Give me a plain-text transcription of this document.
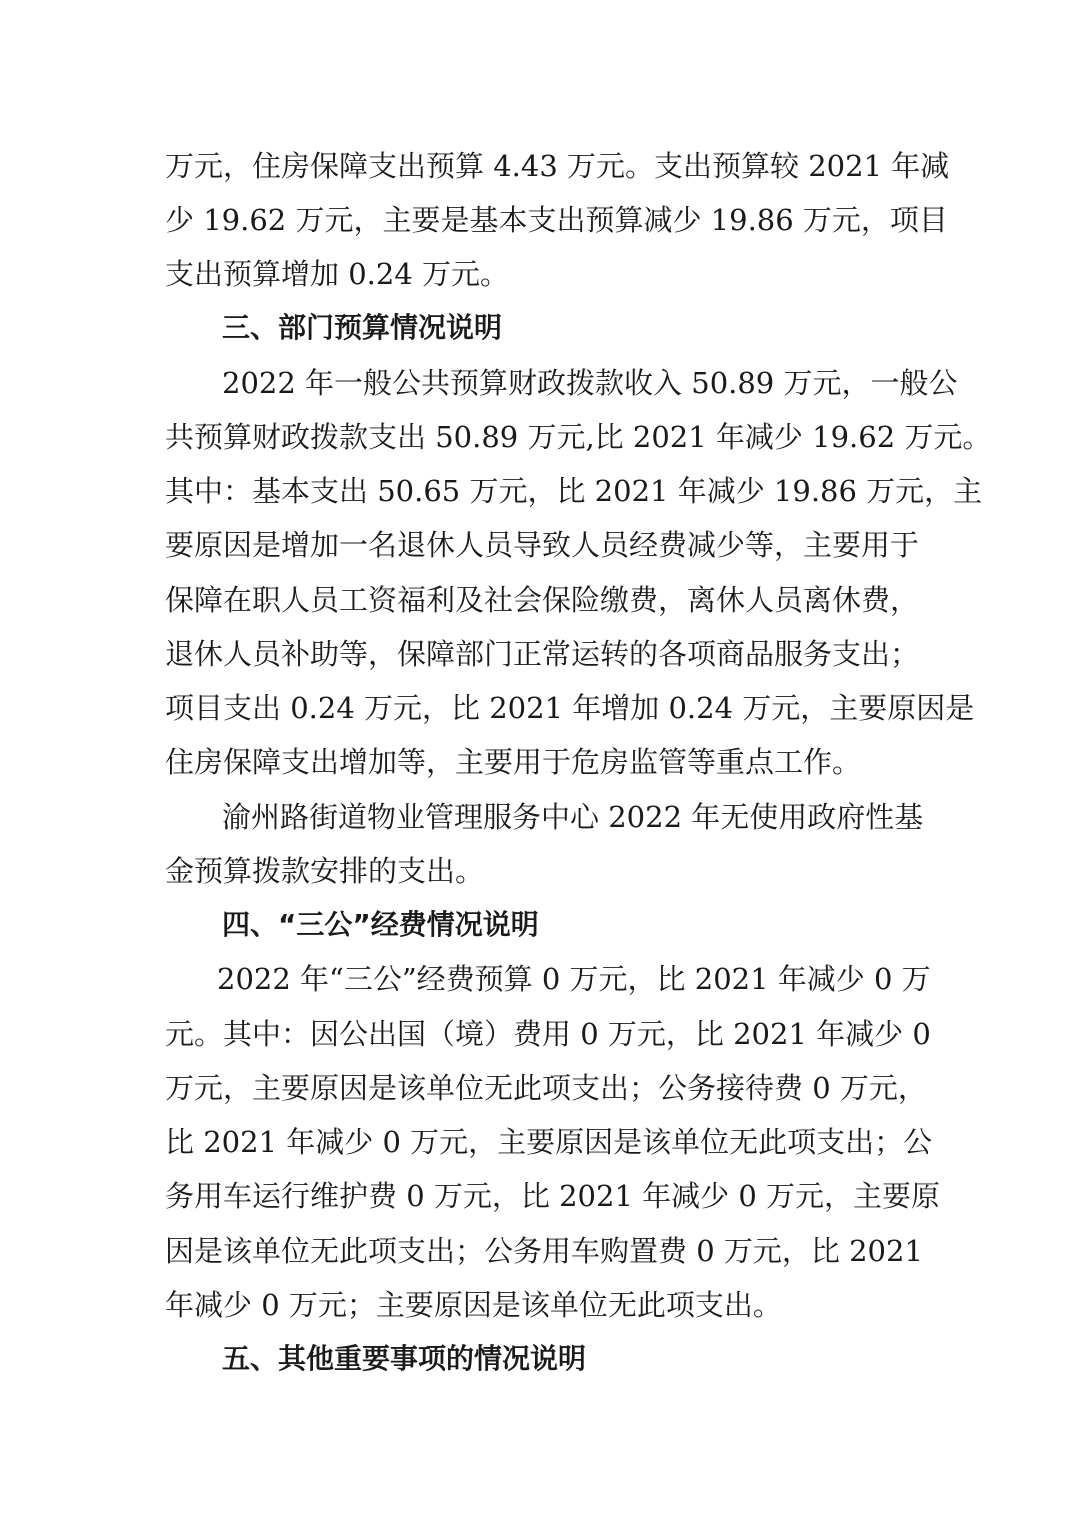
万元，住房保障支出预算 4.43 万元。支出预算较 2021 年减
少 19.62 万元，主要是基本支出预算减少 19.86 万元，项目
支出预算增加 0.24 万元。
三、部门预算情况说明
2022 年一般公共预算财政拨款收入 50.89 万元，一般公
共预算财政拨款支出 50.89 万元,比 2021 年减少 19.62 万元。
其中：基本支出 50.65 万元，比 2021 年减少 19.86 万元，主
要原因是增加一名退休人员导致人员经费减少等，主要用于
保障在职人员工资福利及社会保险缴费，离休人员离休费，
退休人员补助等，保障部门正常运转的各项商品服务支出；
项目支出 0.24 万元，比 2021 年增加 0.24 万元，主要原因是
住房保障支出增加等，主要用于危房监管等重点工作。
渝州路街道物业管理服务中心 2022 年无使用政府性基
金预算拨款安排的支出。
四、“三公”经费情况说明
2022 年“三公”经费预算 0 万元，比 2021 年减少 0 万
元。其中：因公出国（境）费用 0 万元，比 2021 年减少 0
万元，主要原因是该单位无此项支出；公务接待费 0 万元，
比 2021 年减少 0 万元，主要原因是该单位无此项支出；公
务用车运行维护费 0 万元，比 2021 年减少 0 万元，主要原
因是该单位无此项支出；公务用车购置费 0 万元，比 2021
年减少 0 万元；主要原因是该单位无此项支出。
五、其他重要事项的情况说明
